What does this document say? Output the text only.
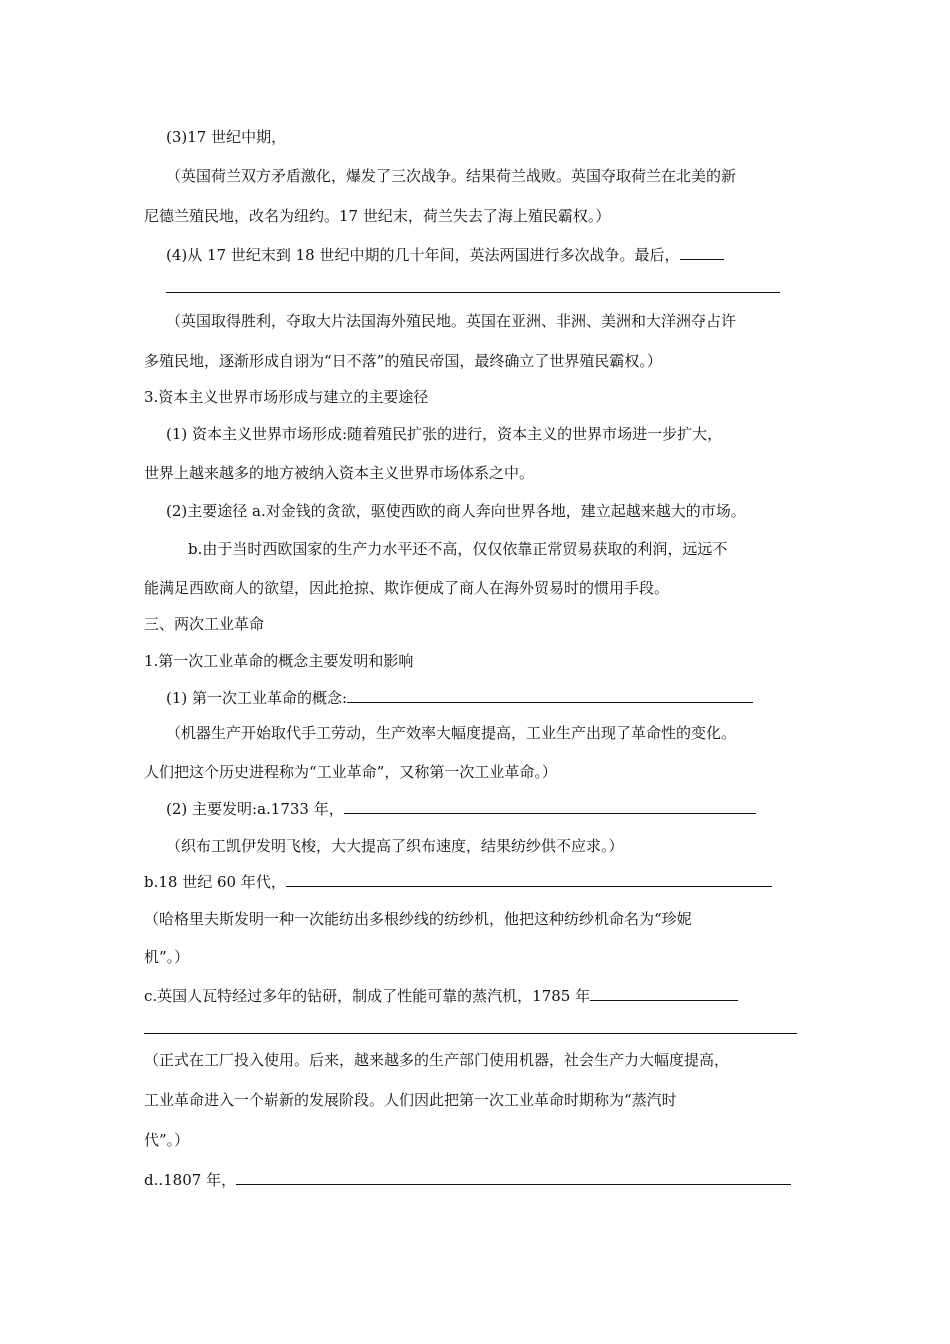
(3)17 世纪中期，
（英国荷兰双方矛盾激化，爆发了三次战争。结果荷兰战败。英国夺取荷兰在北美的新
尼德兰殖民地，改名为纽约。17 世纪末，荷兰失去了海上殖民霸权。）
(4)从 17 世纪末到 18 世纪中期的几十年间，英法两国进行多次战争。最后，
（英国取得胜利，夺取大片法国海外殖民地。英国在亚洲、非洲、美洲和大洋洲夺占许
多殖民地，逐渐形成自诩为“日不落”的殖民帝国，最终确立了世界殖民霸权。）
3.资本主义世界市场形成与建立的主要途径
(1) 资本主义世界市场形成:随着殖民扩张的进行，资本主义的世界市场进一步扩大，
世界上越来越多的地方被纳入资本主义世界市场体系之中。
(2)主要途径 a.对金钱的贪欲，驱使西欧的商人奔向世界各地，建立起越来越大的市场。
b.由于当时西欧国家的生产力水平还不高，仅仅依靠正常贸易获取的利润，远远不
能满足西欧商人的欲望，因此抢掠、欺诈便成了商人在海外贸易时的惯用手段。
三、两次工业革命
1.第一次工业革命的概念主要发明和影响
(1) 第一次工业革命的概念:
（机器生产开始取代手工劳动，生产效率大幅度提高，工业生产出现了革命性的变化。
人们把这个历史进程称为“工业革命”，又称第一次工业革命。）
(2) 主要发明:a.1733 年，
（织布工凯伊发明飞梭，大大提高了织布速度，结果纺纱供不应求。）
b.18 世纪 60 年代，
（哈格里夫斯发明一种一次能纺出多根纱线的纺纱机，他把这种纺纱机命名为“珍妮
机”。）
c.英国人瓦特经过多年的钻研，制成了性能可靠的蒸汽机，1785 年
（正式在工厂投入使用。后来，越来越多的生产部门使用机器，社会生产力大幅度提高，
工业革命进入一个崭新的发展阶段。人们因此把第一次工业革命时期称为“蒸汽时
代”。）
d..1807 年，
